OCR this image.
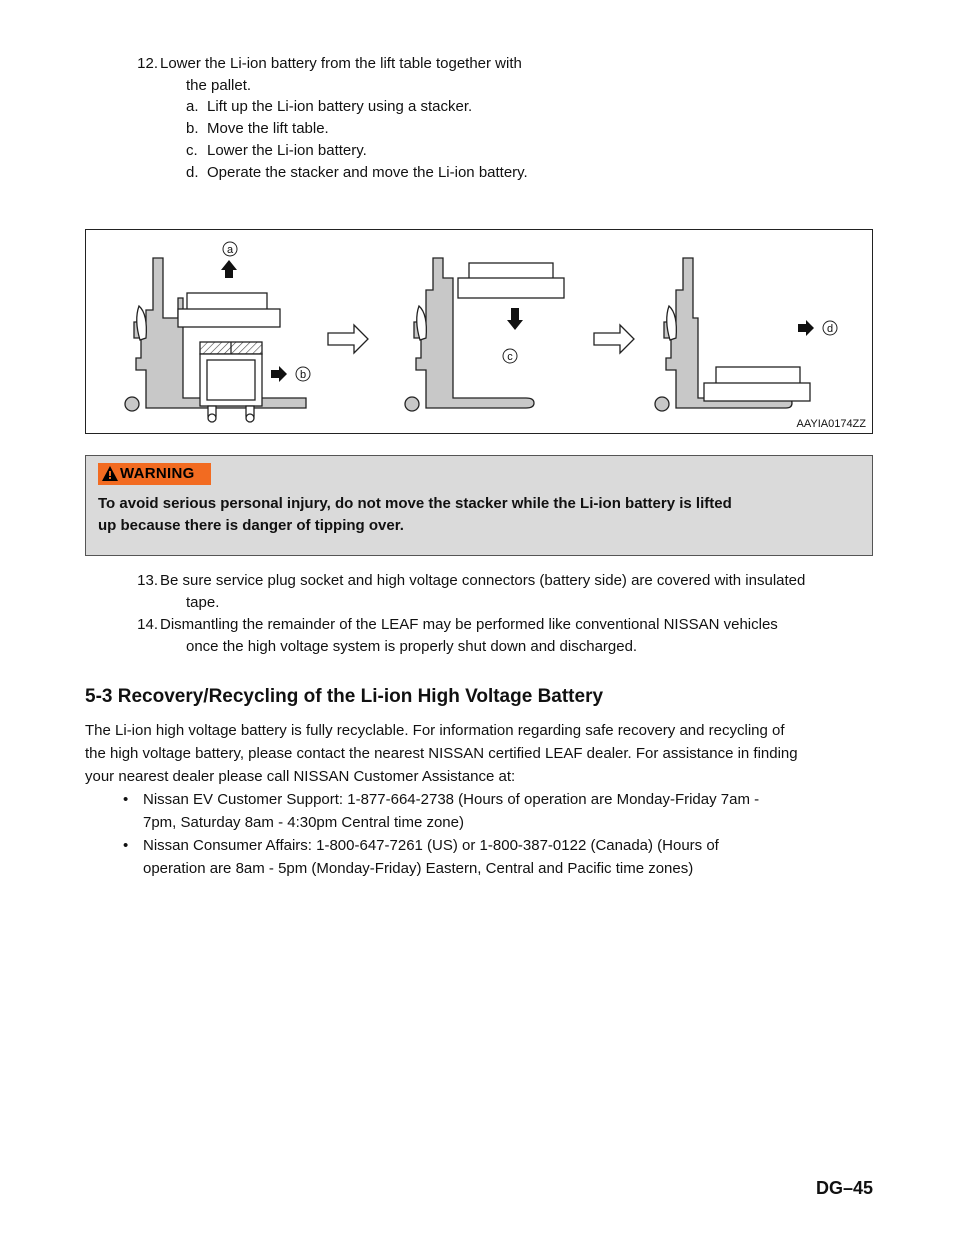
12. Lower the Li-ion battery from the lift table together with
the pallet.
a. Lift up the Li-ion battery using a stacker.
b. Move the lift table.
c. Lower the Li-ion battery.
d. Operate the stacker and move the Li-ion battery.
a
b
c
d
AAYIA0174ZZ
WARNING
To avoid serious personal injury, do not move the stacker while the Li-ion battery is lifted
up because there is danger of tipping over.
13. Be sure service plug socket and high voltage connectors (battery side) are covered with insulated
tape.
14. Dismantling the remainder of the LEAF may be performed like conventional NISSAN vehicles
once the high voltage system is properly shut down and discharged.
5-3 Recovery/Recycling of the Li-ion High Voltage Battery
The Li-ion high voltage battery is fully recyclable. For information regarding safe recovery and recycling of
the high voltage battery, please contact the nearest NISSAN certified LEAF dealer. For assistance in finding
your nearest dealer please call NISSAN Customer Assistance at:
• Nissan EV Customer Support: 1-877-664-2738 (Hours of operation are Monday-Friday 7am -
7pm, Saturday 8am - 4:30pm Central time zone)
• Nissan Consumer Affairs: 1-800-647-7261 (US) or 1-800-387-0122 (Canada) (Hours of
operation are 8am - 5pm (Monday-Friday) Eastern, Central and Pacific time zones)
DG–45
